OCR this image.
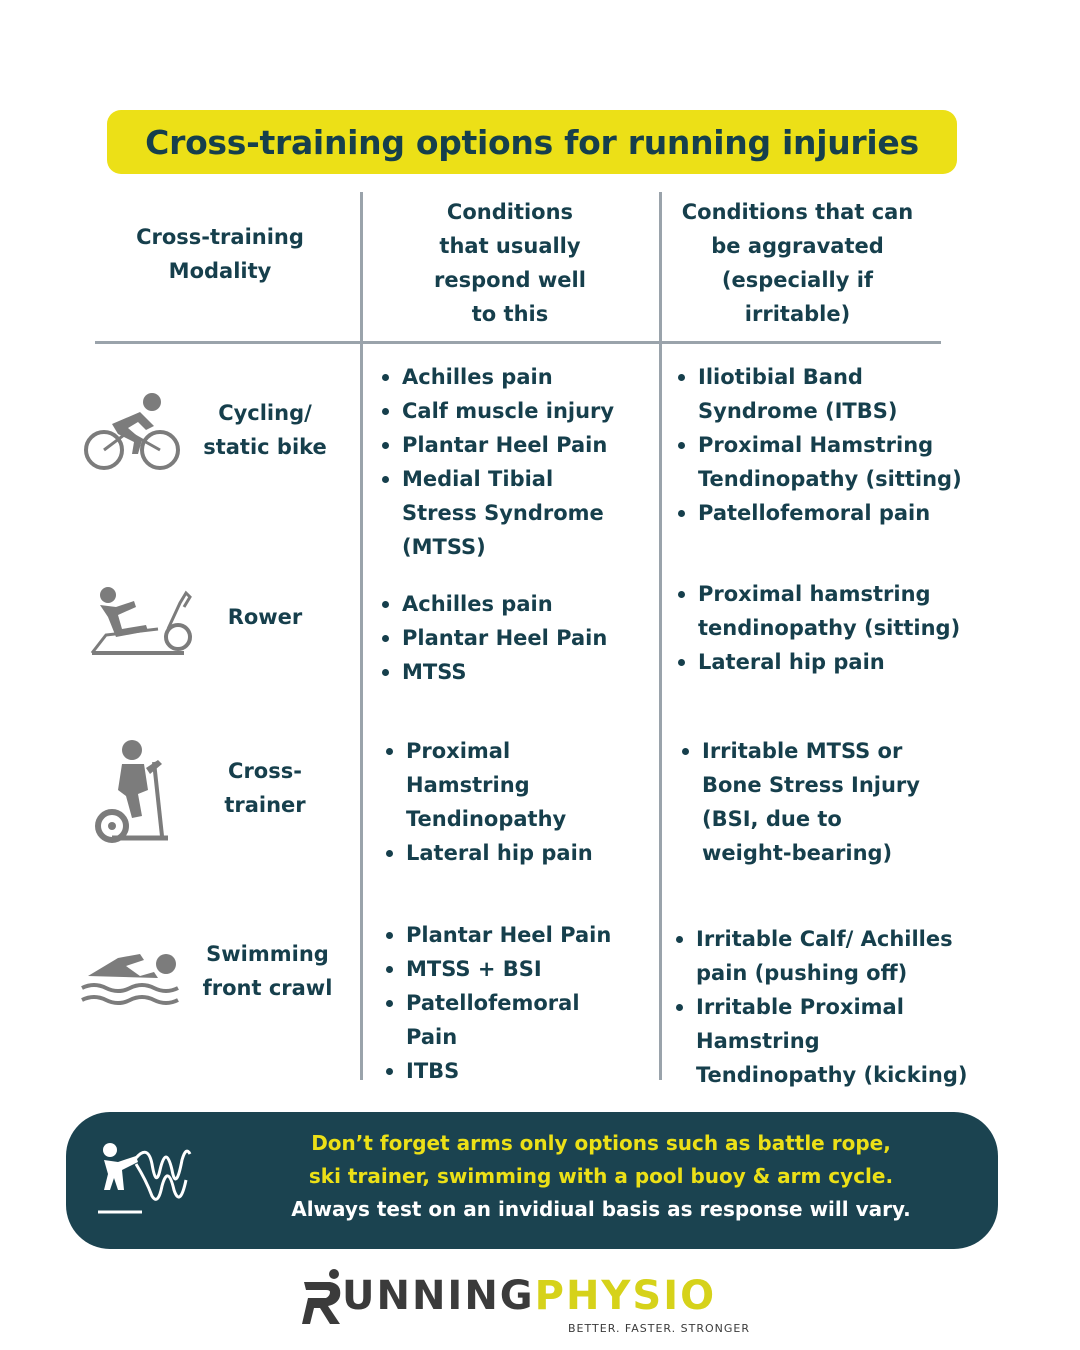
Cross-training options for running injuries
Cross-training
Modality
Conditions
that usually
respond well
to this
Conditions that can
be aggravated
(especially if
irritable)
Cycling/
static bike
Achilles pain
Calf muscle injury
Plantar Heel Pain
Medial Tibial
Stress Syndrome
(MTSS)
Iliotibial Band
Syndrome (ITBS)
Proximal Hamstring
Tendinopathy (sitting)
Patellofemoral pain
Rower
Achilles pain
Plantar Heel Pain
MTSS
Proximal hamstring
tendinopathy (sitting)
Lateral hip pain
Cross-
trainer
Proximal
Hamstring
Tendinopathy
Lateral hip pain
Irritable MTSS or
Bone Stress Injury
(BSI, due to
weight-bearing)
Swimming
front crawl
Plantar Heel Pain
MTSS + BSI
Patellofemoral
Pain
ITBS
Irritable Calf/ Achilles
pain (pushing off)
Irritable Proximal
Hamstring
Tendinopathy (kicking)
Don’t forget arms only options such as battle rope,
ski trainer, swimming with a pool buoy & arm cycle.
Always test on an invidiual basis as response will vary.
UNNINGPHYSIO
BETTER. FASTER. STRONGER
